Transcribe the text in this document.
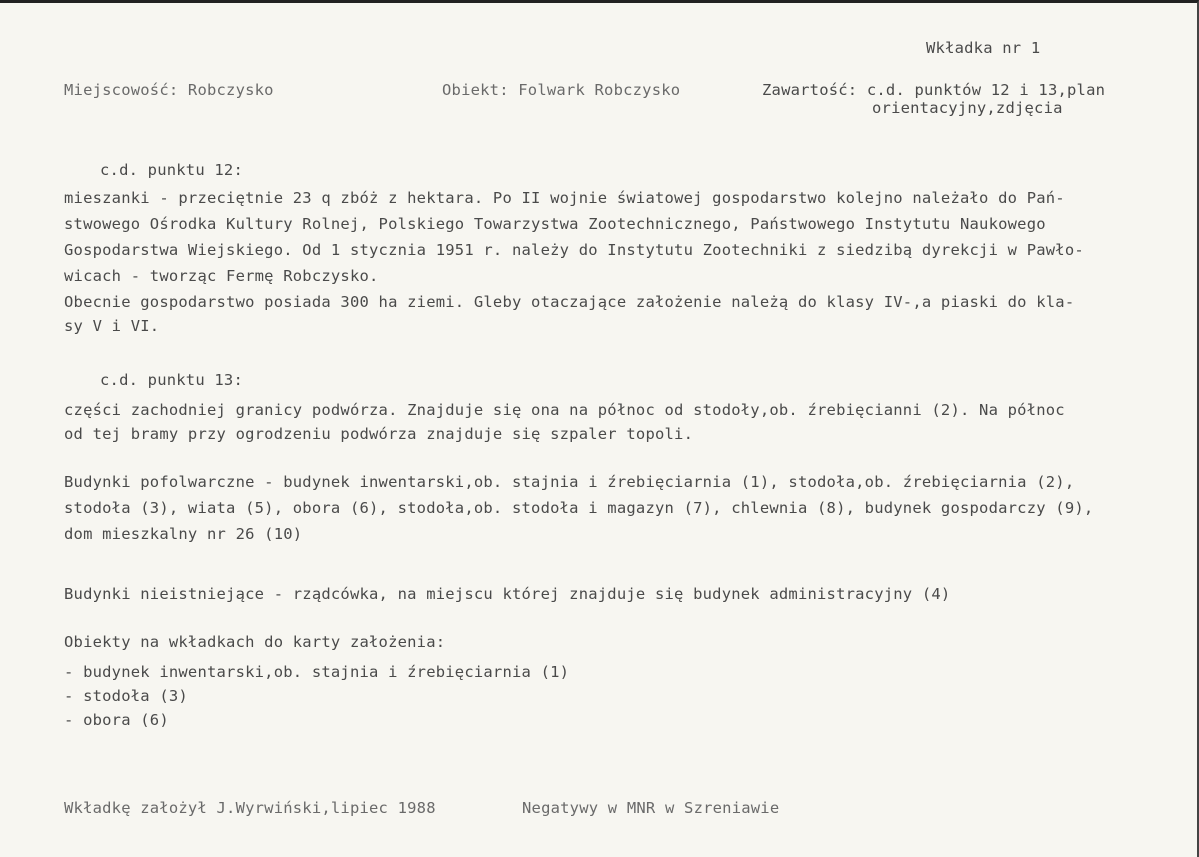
Wkładka nr 1
Miejscowość: Robczysko	Obiekt: Folwark Robczysko	Zawartość: c.d. punktów 12 i 13,plan
orientacyjny,zdjęcia
c.d. punktu 12:
mieszanki - przeciętnie 23 q zbóż z hektara. Po II wojnie światowej gospodarstwo kolejno należało do Pań-
stwowego Ośrodka Kultury Rolnej, Polskiego Towarzystwa Zootechnicznego, Państwowego Instytutu Naukowego
Gospodarstwa Wiejskiego. Od 1 stycznia 1951 r. należy do Instytutu Zootechniki z siedzibą dyrekcji w Pawło-
wicach - tworząc Fermę Robczysko.
Obecnie gospodarstwo posiada 300 ha ziemi. Gleby otaczające założenie należą do klasy IV-,a piaski do kla-
sy V i VI.
c.d. punktu 13:
części zachodniej granicy podwórza. Znajduje się ona na północ od stodoły,ob. źrebięcianni (2). Na północ
od tej bramy przy ogrodzeniu podwórza znajduje się szpaler topoli.
Budynki pofolwarczne - budynek inwentarski,ob. stajnia i źrebięciarnia (1), stodoła,ob. źrebięciarnia (2),
stodoła (3), wiata (5), obora (6), stodoła,ob. stodoła i magazyn (7), chlewnia (8), budynek gospodarczy (9),
dom mieszkalny nr 26 (10)
Budynki nieistniejące - rządcówka, na miejscu której znajduje się budynek administracyjny (4)
Obiekty na wkładkach do karty założenia:
- budynek inwentarski,ob. stajnia i źrebięciarnia (1)
- stodoła (3)
- obora (6)
Wkładkę założył J.Wyrwiński,lipiec 1988	Negatywy w MNR w Szreniawie
